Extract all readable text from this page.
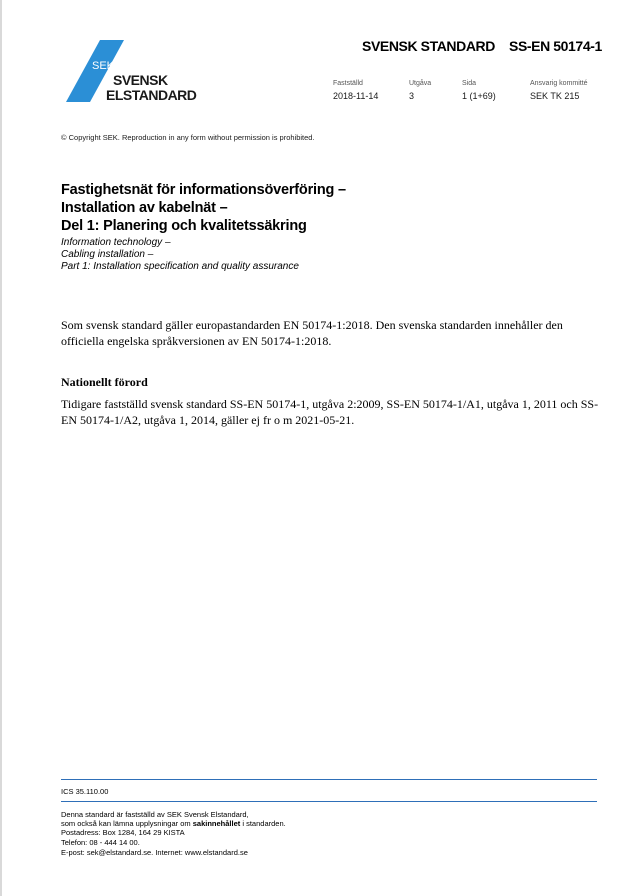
SEK
SVENSK
ELSTANDARD
SVENSK STANDARD SS-EN 50174-1
Fastställd
2018-11-14
Utgåva
3
Sida
1 (1+69)
Ansvarig kommitté
SEK TK 215
© Copyright SEK. Reproduction in any form without permission is prohibited.
Fastighetsnät för informationsöverföring –
Installation av kabelnät –
Del 1: Planering och kvalitetssäkring
Information technology –
Cabling installation –
Part 1: Installation specification and quality assurance
Som svensk standard gäller europastandarden EN 50174-1:2018. Den svenska standarden innehåller den officiella engelska språkversionen av EN 50174-1:2018.
Nationellt förord
Tidigare fastställd svensk standard SS-EN 50174-1, utgåva 2:2009, SS-EN 50174-1/A1, utgåva 1, 2011 och SS-EN 50174-1/A2, utgåva 1, 2014, gäller ej fr o m 2021-05-21.
ICS 35.110.00
Denna standard är fastställd av SEK Svensk Elstandard,
som också kan lämna upplysningar om sakinnehållet i standarden.
Postadress: Box 1284, 164 29 KISTA
Telefon: 08 - 444 14 00.
E-post: sek@elstandard.se. Internet: www.elstandard.se
